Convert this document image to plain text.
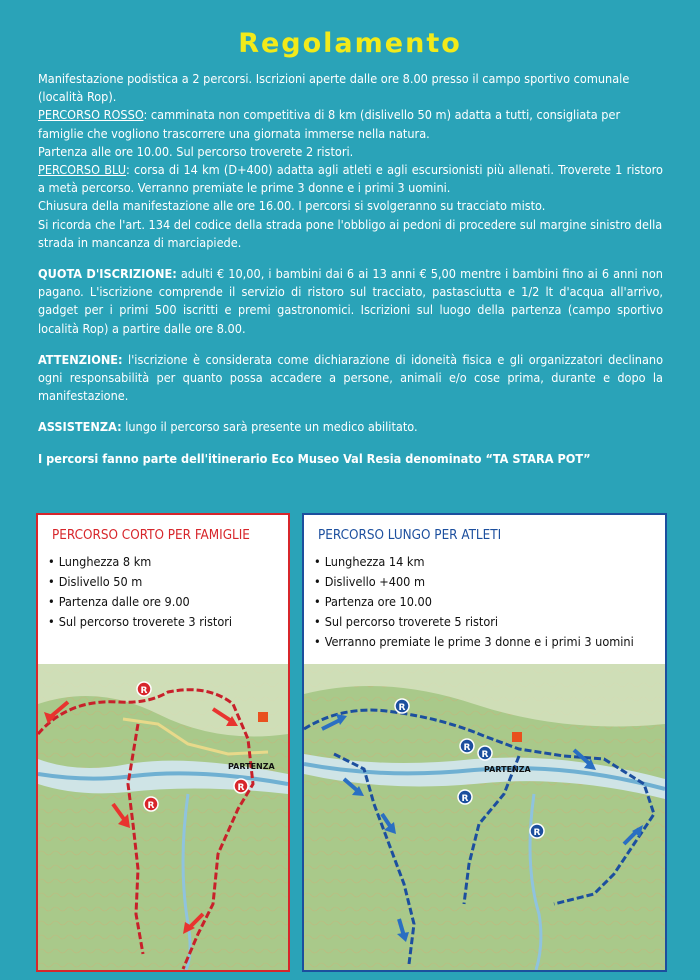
Regolamento

Manifestazione podistica a 2 percorsi. Iscrizioni aperte dalle ore 8.00 presso il campo sportivo comunale (località Rop).

PERCORSO ROSSO: camminata non competitiva di 8 km (dislivello 50 m) adatta a tutti, consigliata per famiglie che vogliono trascorrere una giornata immerse nella natura.

Partenza alle ore 10.00. Sul percorso troverete 2 ristori.

PERCORSO BLU: corsa di 14 km (D+400) adatta agli atleti e agli escursionisti più allenati. Troverete 1 ristoro a metà percorso. Verranno premiate le prime 3 donne e i primi 3 uomini.

Chiusura della manifestazione alle ore 16.00. I percorsi si svolgeranno su tracciato misto.

Si ricorda che l'art. 134 del codice della strada pone l'obbligo ai pedoni di procedere sul margine sinistro della strada in mancanza di marciapiede.

QUOTA D'ISCRIZIONE: adulti € 10,00, i bambini dai 6 ai 13 anni € 5,00 mentre i bambini fino ai 6 anni non pagano. L'iscrizione comprende il servizio di ristoro sul tracciato, pastasciutta e 1/2 lt d'acqua all'arrivo, gadget per i primi 500 iscritti e premi gastronomici. Iscrizioni sul luogo della partenza (campo sportivo località Rop) a partire dalle ore 8.00.

ATTENZIONE: l'iscrizione è considerata come dichiarazione di idoneità fisica e gli organizzatori declinano ogni responsabilità per quanto possa accadere a persone, animali e/o cose prima, durante e dopo la manifestazione.

ASSISTENZA: lungo il percorso sarà presente un medico abilitato.

I percorsi fanno parte dell'itinerario Eco Museo Val Resia denominato “TA STARA POT”

PERCORSO CORTO PER FAMIGLIE
• Lunghezza 8 km
• Dislivello 50 m
• Partenza dalle ore 9.00
• Sul percorso troverete 3 ristori
R
R
R
PARTENZA
PERCORSO LUNGO PER ATLETI
• Lunghezza 14 km
• Dislivello +400 m
• Partenza ore 10.00
• Sul percorso troverete 5 ristori
• Verranno premiate le prime 3 donne e i primi 3 uomini
R
R
R
R
R
PARTENZA
